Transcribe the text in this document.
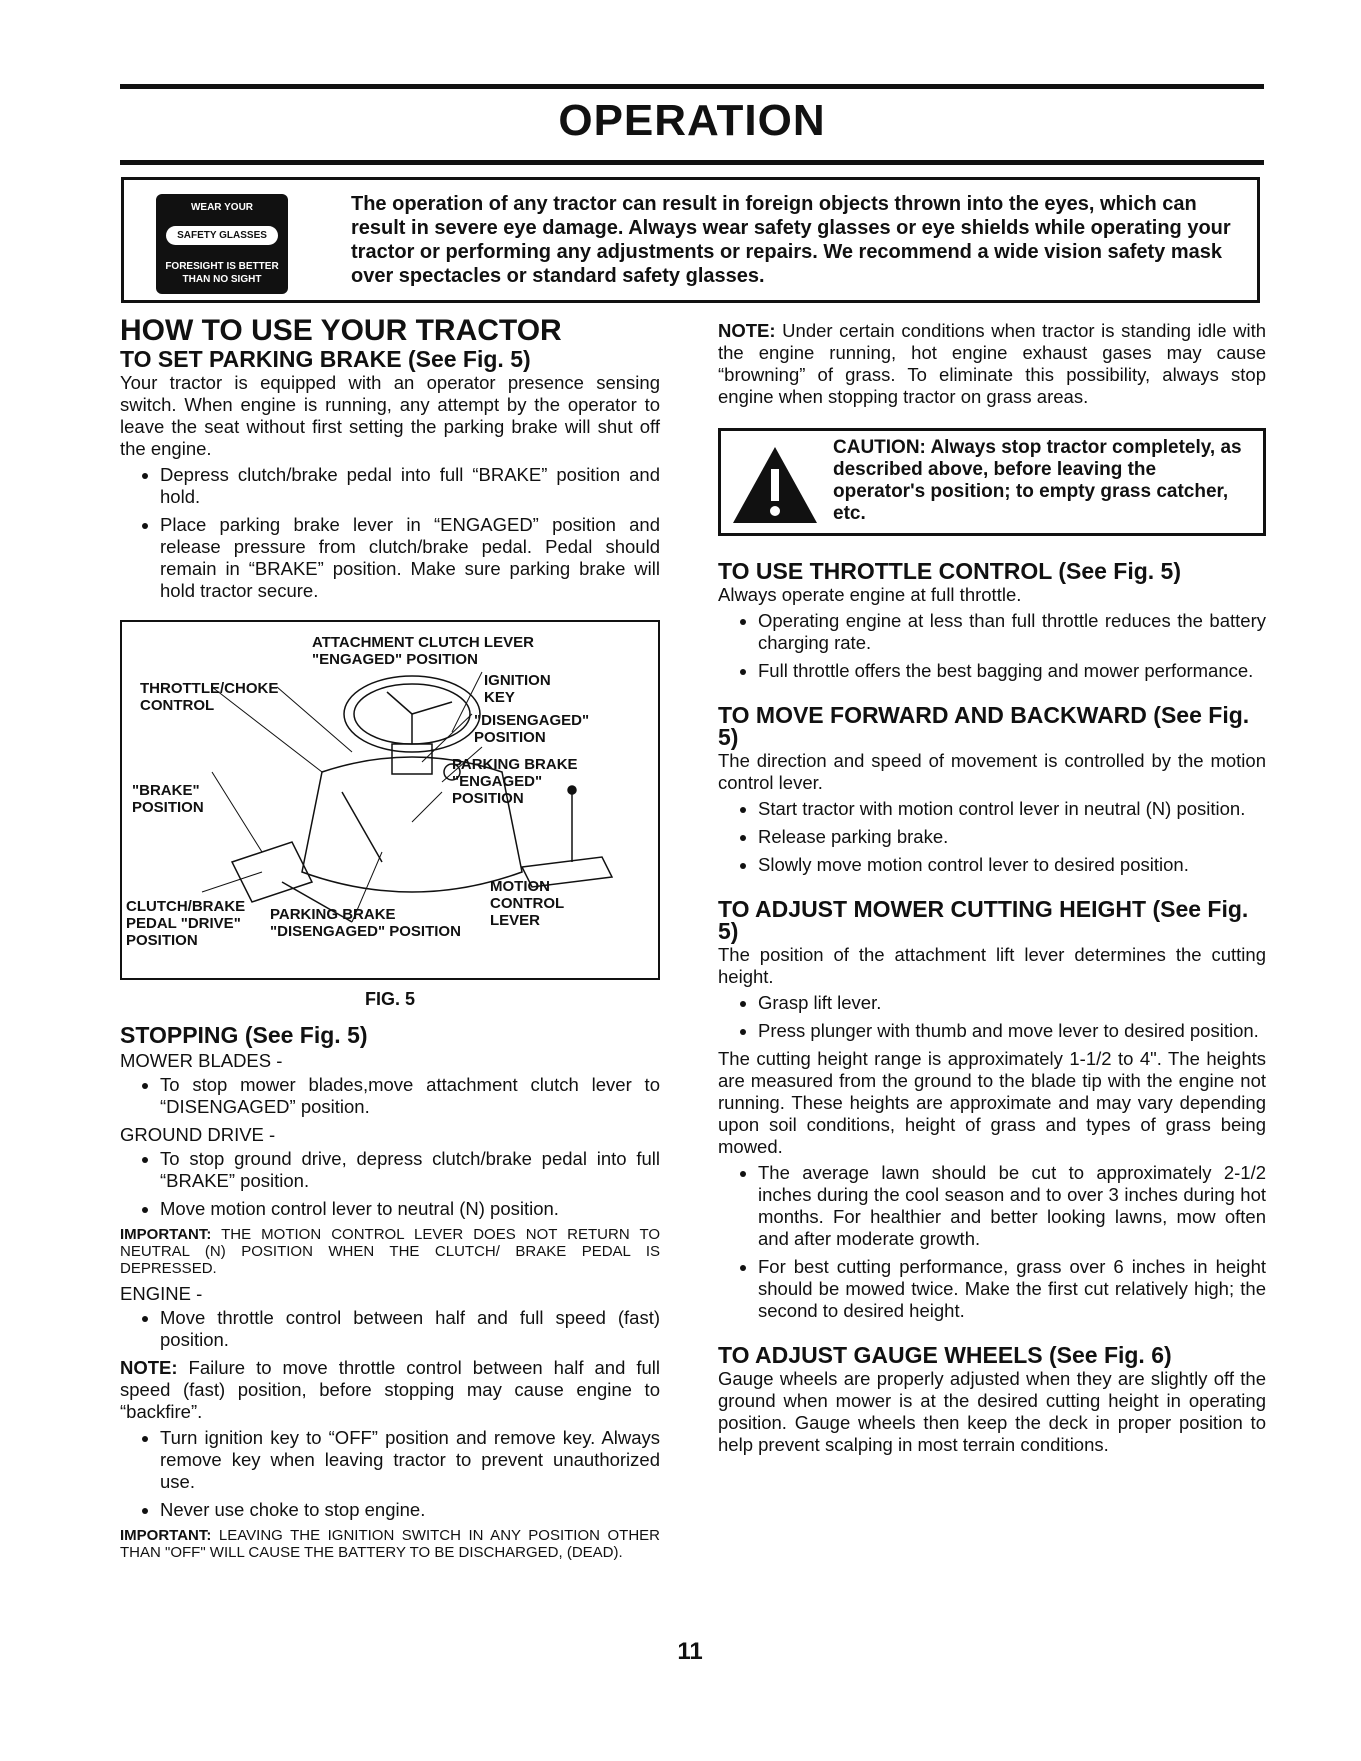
OPERATION
WEAR YOUR
SAFETY GLASSES
FORESIGHT IS BETTER
THAN NO SIGHT
The operation of any tractor can result in foreign objects thrown into the eyes, which can result in severe eye damage. Always wear safety glasses or eye shields while operating your tractor or performing any adjustments or repairs. We recommend a wide vision safety mask over spectacles or standard safety glasses.
HOW TO USE YOUR TRACTOR
TO SET PARKING BRAKE (See Fig. 5)

Your tractor is equipped with an operator presence sensing switch. When engine is running, any attempt by the operator to leave the seat without first setting the parking brake will shut off the engine.

• Depress clutch/brake pedal into full “BRAKE” position and hold.
• Place parking brake lever in “ENGAGED” position and release pressure from clutch/brake pedal. Pedal should remain in “BRAKE” position. Make sure parking brake will hold tractor secure.
ATTACHMENT CLUTCH LEVER
"ENGAGED" POSITION
THROTTLE/CHOKE
CONTROL
IGNITION
KEY
"DISENGAGED"
POSITION
PARKING BRAKE
"ENGAGED"
POSITION
"BRAKE"
POSITION
MOTION
CONTROL
LEVER
CLUTCH/BRAKE
PEDAL "DRIVE"
POSITION
PARKING BRAKE
"DISENGAGED" POSITION
FIG. 5
STOPPING (See Fig. 5)
MOWER BLADES -
• To stop mower blades,move attachment clutch lever to “DISENGAGED” position.
GROUND DRIVE -
• To stop ground drive, depress clutch/brake pedal into full “BRAKE” position.
• Move motion control lever to neutral (N) position.
IMPORTANT: THE MOTION CONTROL LEVER DOES NOT RETURN TO NEUTRAL (N) POSITION WHEN THE CLUTCH/ BRAKE PEDAL IS DEPRESSED.
ENGINE -
• Move throttle control between half and full speed (fast) position.

NOTE: Failure to move throttle control between half and full speed (fast) position, before stopping may cause engine to “backfire”.

• Turn ignition key to “OFF” position and remove key. Always remove key when leaving tractor to prevent unauthorized use.
• Never use choke to stop engine.
IMPORTANT: LEAVING THE IGNITION SWITCH IN ANY POSITION OTHER THAN "OFF" WILL CAUSE THE BATTERY TO BE DISCHARGED, (DEAD).

NOTE: Under certain conditions when tractor is standing idle with the engine running, hot engine exhaust gases may cause “browning” of grass. To eliminate this possibility, always stop engine when stopping tractor on grass areas.

CAUTION: Always stop tractor completely, as described above, before leaving the operator's position; to empty grass catcher, etc.
TO USE THROTTLE CONTROL (See Fig. 5)

Always operate engine at full throttle.

• Operating engine at less than full throttle reduces the battery charging rate.
• Full throttle offers the best bagging and mower performance.
TO MOVE FORWARD AND BACKWARD (See Fig. 5)

The direction and speed of movement is controlled by the motion control lever.

• Start tractor with motion control lever in neutral (N) position.
• Release parking brake.
• Slowly move motion control lever to desired position.
TO ADJUST MOWER CUTTING HEIGHT (See Fig. 5)

The position of the attachment lift lever determines the cutting height.

• Grasp lift lever.
• Press plunger with thumb and move lever to desired position.

The cutting height range is approximately 1-1/2 to 4". The heights are measured from the ground to the blade tip with the engine not running. These heights are approximate and may vary depending upon soil conditions, height of grass and types of grass being mowed.

• The average lawn should be cut to approximately 2-1/2 inches during the cool season and to over 3 inches during hot months. For healthier and better looking lawns, mow often and after moderate growth.
• For best cutting performance, grass over 6 inches in height should be mowed twice. Make the first cut relatively high; the second to desired height.
TO ADJUST GAUGE WHEELS (See Fig. 6)

Gauge wheels are properly adjusted when they are slightly off the ground when mower is at the desired cutting height in operating position. Gauge wheels then keep the deck in proper position to help prevent scalping in most terrain conditions.

11
